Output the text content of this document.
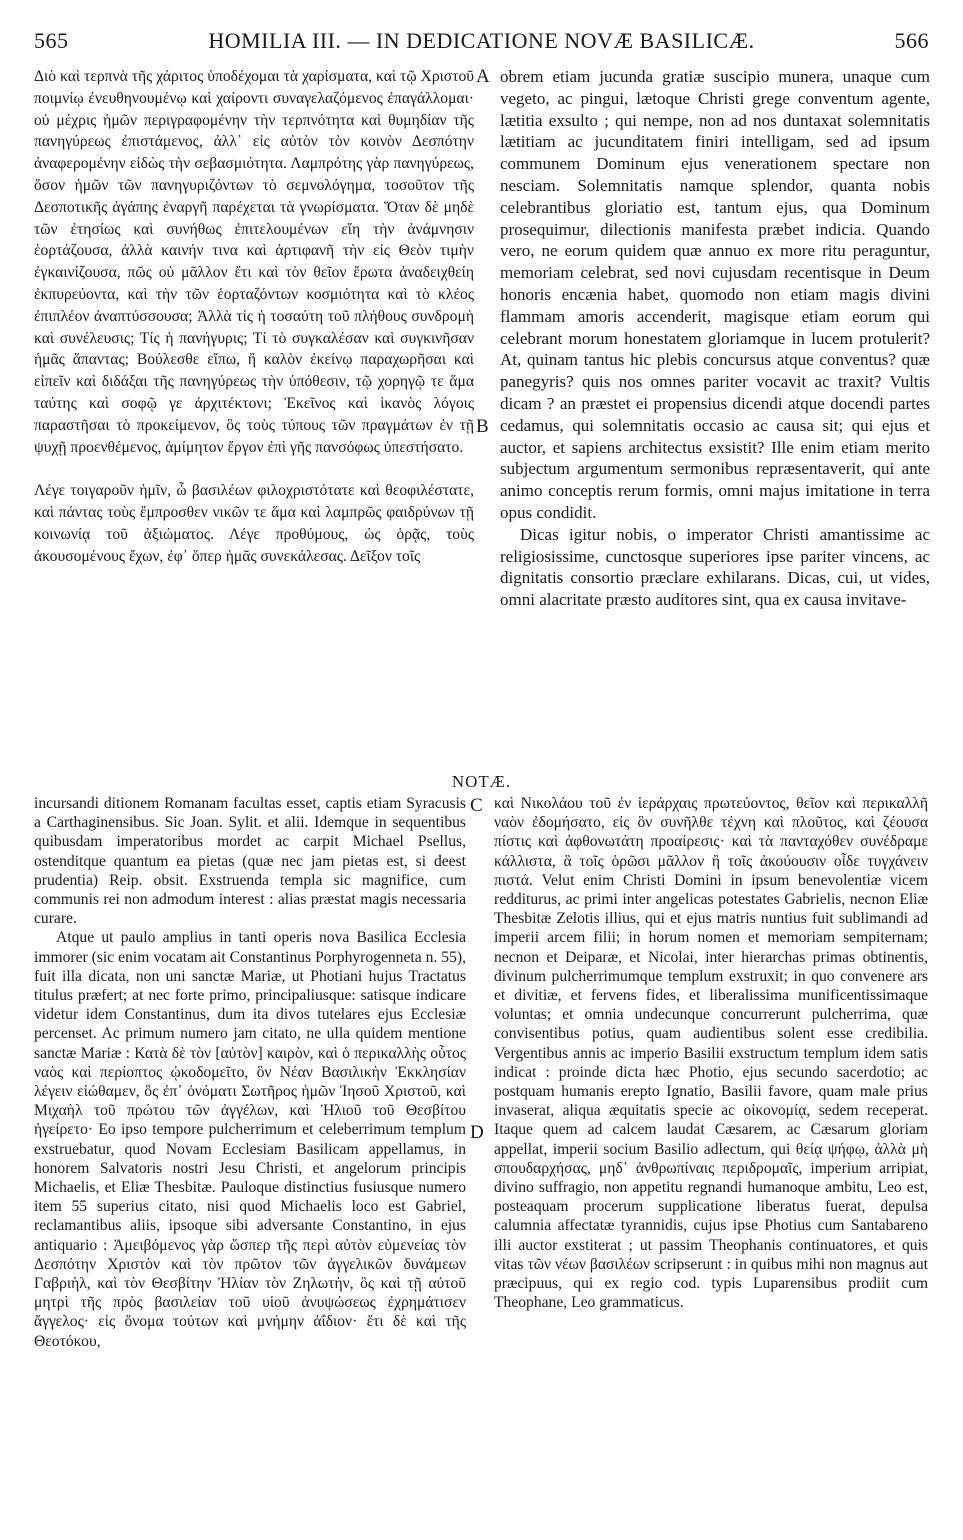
565	HOMILIA III. — IN DEDICATIONE NOVÆ BASILICÆ.	566

Διὸ καὶ τερπνὰ τῆς χάριτος ὑποδέχομαι τὰ χαρίσματα, καὶ τῷ Χριστοῦ ποιμνίῳ ἐνευθηνουμένῳ καὶ χαίροντι συναγελαζόμενος ἐπαγάλλομαι· οὐ μέχρις ἡμῶν περιγραφομένην τὴν τερπνότητα καὶ θυμηδίαν τῆς πανηγύρεως ἐπιστάμενος, ἀλλ᾽ εἰς αὐτὸν τὸν κοινὸν Δεσπότην ἀναφερομένην εἰδὼς τὴν σεβασμιότητα. Λαμπρότης γὰρ πανηγύρεως, ὅσον ἡμῶν τῶν πανηγυριζόντων τὸ σεμνολόγημα, τοσοῦτον τῆς Δεσποτικῆς ἀγάπης ἐναργῆ παρέχεται τὰ γνωρίσματα. Ὅταν δὲ μηδὲ τῶν ἐτησίως καὶ συνήθως ἐπιτελουμένων εἴη τὴν ἀνάμνησιν ἑορτάζουσα, ἀλλὰ καινήν τινα καὶ ἀρτιφανῆ τὴν εἰς Θεὸν τιμὴν ἐγκαινίζουσα, πῶς οὐ μᾶλλον ἔτι καὶ τὸν θεῖον ἔρωτα ἀναδειχθείη ἐκπυρεύοντα, καὶ τὴν τῶν ἑορταζόντων κοσμιότητα καὶ τὸ κλέος ἐπιπλέον ἀναπτύσσουσα; Ἀλλὰ τίς ἡ τοσαύτη τοῦ πλήθους συνδρομὴ καὶ συνέλευσις; Τίς ἡ πανήγυρις; Τί τὸ συγκαλέσαν καὶ συγκινῆσαν ἡμᾶς ἅπαντας; Βούλεσθε εἴπω, ἢ καλὸν ἐκείνῳ παραχωρῆσαι καὶ εἰπεῖν καὶ διδάξαι τῆς πανηγύρεως τὴν ὑπόθεσιν, τῷ χορηγῷ τε ἅμα ταύτης καὶ σοφῷ γε ἀρχιτέκτονι; Ἐκεῖνος καὶ ἱκανὸς λόγοις παραστῆσαι τὸ προκείμενον, ὃς τοὺς τύπους τῶν πραγμάτων ἐν τῇ ψυχῇ προενθέμενος, ἀμίμητον ἔργον ἐπὶ γῆς πανσόφως ὑπεστήσατο.

Λέγε τοιγαροῦν ἡμῖν, ὦ βασιλέων φιλοχριστότατε καὶ θεοφιλέστατε, καὶ πάντας τοὺς ἔμπροσθεν νικῶν τε ἅμα καὶ λαμπρῶς φαιδρύνων τῇ κοινωνίᾳ τοῦ ἀξιώματος. Λέγε προθύμους, ὡς ὁρᾷς, τοὺς ἀκουσομένους ἔχων, ἐφ᾽ ὅπερ ἡμᾶς συνεκάλεσας. Δεῖξον τοῖς

obrem etiam jucunda gratiæ suscipio munera, unaque cum vegeto, ac pingui, lætoque Christi grege conventum agente, lætitia exsulto ; qui nempe, non ad nos duntaxat solemnitatis lætitiam ac jucunditatem finiri intelligam, sed ad ipsum communem Dominum ejus venerationem spectare non nesciam. Solemnitatis namque splendor, quanta nobis celebrantibus gloriatio est, tantum ejus, qua Dominum prosequimur, dilectionis manifesta præbet indicia. Quando vero, ne eorum quidem quæ annuo ex more ritu peraguntur, memoriam celebrat, sed novi cujusdam recentisque in Deum honoris encænia habet, quomodo non etiam magis divini flammam amoris accenderit, magisque etiam eorum qui celebrant morum honestatem gloriamque in lucem protulerit? At, quinam tantus hic plebis concursus atque conventus? quæ panegyris? quis nos omnes pariter vocavit ac traxit? Vultis dicam ? an præstet ei propensius dicendi atque docendi partes cedamus, qui solemnitatis occasio ac causa sit; qui ejus et auctor, et sapiens architectus exsistit? Ille enim etiam merito subjectum argumentum sermonibus repræsentaverit, qui ante animo conceptis rerum formis, omni majus imitatione in terra opus condidit.

Dicas igitur nobis, o imperator Christi amantissime ac religiosissime, cunctosque superiores ipse pariter vincens, ac dignitatis consortio præclare exhilarans. Dicas, cui, ut vides, omni alacritate præsto auditores sint, qua ex causa invitave-

A
B
C
D
NOTÆ.

incursandi ditionem Romanam facultas esset, captis etiam Syracusis a Carthaginensibus. Sic Joan. Sylit. et alii. Idemque in sequentibus quibusdam imperatoribus mordet ac carpit Michael Psellus, ostenditque quantum ea pietas (quæ nec jam pietas est, si deest prudentia) Reip. obsit. Exstruenda templa sic magnifice, cum communis rei non admodum interest : alias præstat magis necessaria curare.

Atque ut paulo amplius in tanti operis nova Basilica Ecclesia immorer (sic enim vocatam ait Constantinus Porphyrogenneta n. 55), fuit illa dicata, non uni sanctæ Mariæ, ut Photiani hujus Tractatus titulus præfert; at nec forte primo, principaliusque: satisque indicare videtur idem Constantinus, dum ita divos tutelares ejus Ecclesiæ percenset. Ac primum numero jam citato, ne ulla quidem mentione sanctæ Mariæ : Κατὰ δὲ τὸν [αὐτὸν] καιρὸν, καὶ ὁ περικαλλὴς οὗτος ναὸς καὶ περίοπτος ᾠκοδομεῖτο, ὃν Νέαν Βασιλικὴν Ἐκκλησίαν λέγειν εἰώθαμεν, ὃς ἐπ᾽ ὀνόματι Σωτῆρος ἡμῶν Ἰησοῦ Χριστοῦ, καὶ Μιχαὴλ τοῦ πρώτου τῶν ἀγγέλων, καὶ Ἠλιοῦ τοῦ Θεσβίτου ἠγείρετο· Eo ipso tempore pulcherrimum et celeberrimum templum exstruebatur, quod Novam Ecclesiam Basilicam appellamus, in honorem Salvatoris nostri Jesu Christi, et angelorum principis Michaelis, et Eliæ Thesbitæ. Pauloque distinctius fusiusque numero item 55 superius citato, nisi quod Michaelis loco est Gabriel, reclamantibus aliis, ipsoque sibi adversante Constantino, in ejus antiquario : Ἀμειβόμενος γὰρ ὥσπερ τῆς περὶ αὐτὸν εὐμενείας τὸν Δεσπότην Χριστὸν καὶ τὸν πρῶτον τῶν ἀγγελικῶν δυνάμεων Γαβριὴλ, καὶ τὸν Θεσβίτην Ἠλίαν τὸν Ζηλωτὴν, ὃς καὶ τῇ αὐτοῦ μητρὶ τῆς πρὸς βασιλείαν τοῦ υἱοῦ ἀνυψώσεως ἐχρημάτισεν ἄγγελος· εἰς ὄνομα τούτων καὶ μνήμην ἀΐδιον· ἔτι δὲ καὶ τῆς Θεοτόκου,

καὶ Νικολάου τοῦ ἐν ἱεράρχαις πρωτεύοντος, θεῖον καὶ περικαλλῆ ναὸν ἐδομήσατο, εἰς ὃν συνῆλθε τέχνη καὶ πλοῦτος, καὶ ζέουσα πίστις καὶ ἀφθονωτάτη προαίρεσις· καὶ τὰ πανταχόθεν συνέδραμε κάλλιστα, ἃ τοῖς ὁρῶσι μᾶλλον ἢ τοῖς ἀκούουσιν οἶδε τυγχάνειν πιστά. Velut enim Christi Domini in ipsum benevolentiæ vicem redditurus, ac primi inter angelicas potestates Gabrielis, necnon Eliæ Thesbitæ Zelotis illius, qui et ejus matris nuntius fuit sublimandi ad imperii arcem filii; in horum nomen et memoriam sempiternam; necnon et Deiparæ, et Nicolai, inter hierarchas primas obtinentis, divinum pulcherrimumque templum exstruxit; in quo convenere ars et divitiæ, et fervens fides, et liberalissima munificentissimaque voluntas; et omnia undecunque concurrerunt pulcherrima, quæ convisentibus potius, quam audientibus solent esse credibilia. Vergentibus annis ac imperio Basilii exstructum templum idem satis indicat : proinde dicta hæc Photio, ejus secundo sacerdotio; ac postquam humanis erepto Ignatio, Basilii favore, quam male prius invaserat, aliqua æquitatis specie ac οἰκονομίᾳ, sedem receperat. Itaque quem ad calcem laudat Cæsarem, ac Cæsarum gloriam appellat, imperii socium Basilio adlectum, qui θείᾳ ψήφῳ, ἀλλὰ μὴ σπουδαρχήσας, μηδ᾽ ἀνθρωπίναις περιδρομαῖς, imperium arripiat, divino suffragio, non appetitu regnandi humanoque ambitu, Leo est, posteaquam procerum supplicatione liberatus fuerat, depulsa calumnia affectatæ tyrannidis, cujus ipse Photius cum Santabareno illi auctor exstiterat ; ut passim Theophanis continuatores, et quis vitas τῶν νέων βασιλέων scripserunt : in quibus mihi non magnus aut præcipuus, qui ex regio cod. typis Luparensibus prodiit cum Theophane, Leo grammaticus.
